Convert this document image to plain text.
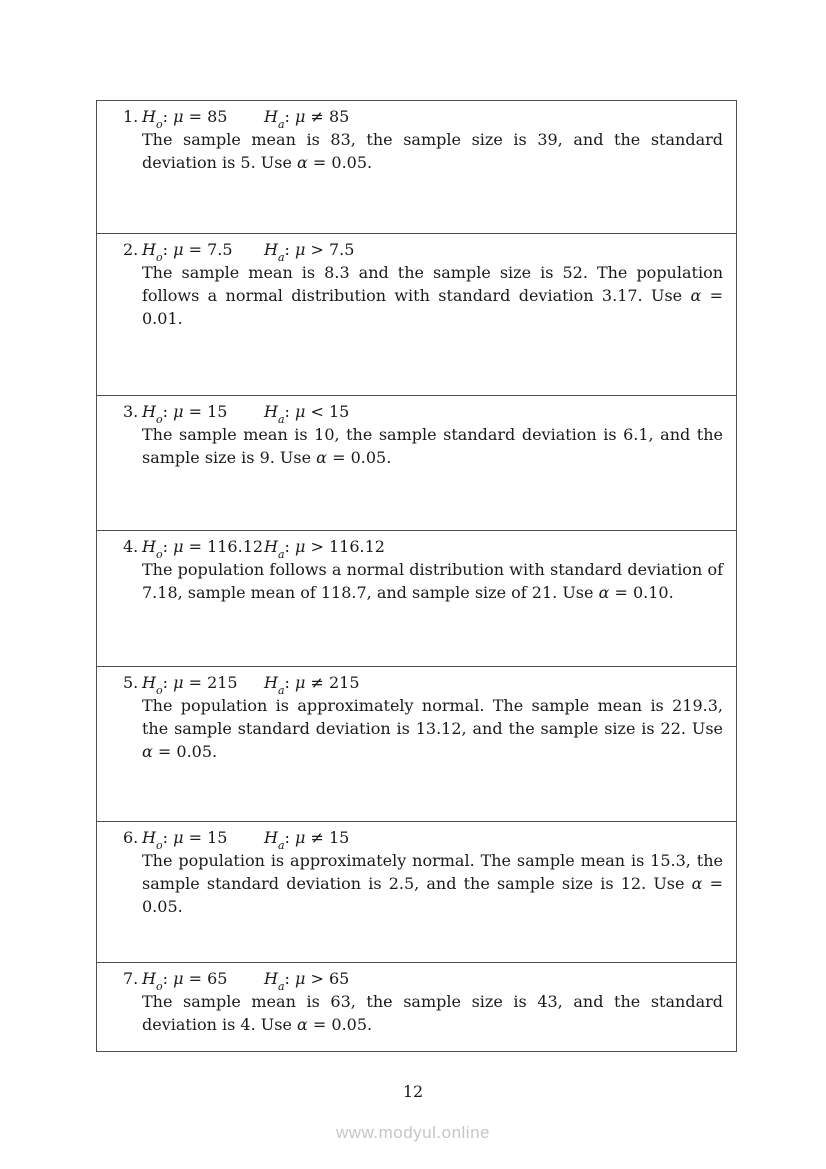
1. $H_o$: μ = 85 $H_a$: μ ≠ 85
The sample mean is 83, the sample size is 39, and the standard deviation is 5. Use α = 0.05.
2. $H_o$: μ = 7.5 $H_a$: μ > 7.5
The sample mean is 8.3 and the sample size is 52. The population follows a normal distribution with standard deviation 3.17. Use α = 0.01.
3. $H_o$: μ = 15 $H_a$: μ < 15
The sample mean is 10, the sample standard deviation is 6.1, and the sample size is 9. Use α = 0.05.
4. $H_o$: $\mu = 116.12H_a$: μ > 116.12
The population follows a normal distribution with standard deviation of 7.18, sample mean of 118.7, and sample size of 21. Use α = 0.10.
5. $H_o$: μ = 215 $H_a$: μ ≠ 215
The population is approximately normal. The sample mean is 219.3, the sample standard deviation is 13.12, and the sample size is 22. Use α = 0.05.
6. $H_o$: μ = 15 $H_a$: μ ≠ 15
The population is approximately normal. The sample mean is 15.3, the sample standard deviation is 2.5, and the sample size is 12. Use α = 0.05.
7. $H_o$: μ = 65 $H_a$: μ > 65
The sample mean is 63, the sample size is 43, and the standard deviation is 4. Use α = 0.05.
12
www.modyul.online
